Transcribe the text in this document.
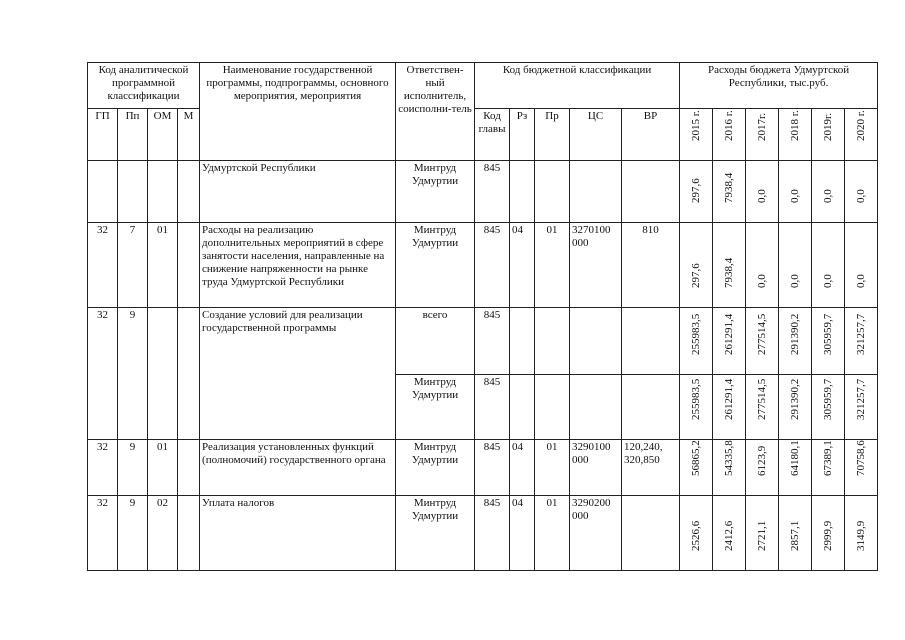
Код аналитической программной классификации				Наименование государственной программы, подпрограммы, основного мероприятия, мероприятия	Ответствен-ный исполнитель, соисполни-тель	Код бюджетной классификации					Расходы бюджета Удмуртской Республики, тыс.руб.					
ГП	Пп	ОМ	М			Код главы	Рз	Пр	ЦС	ВР	2015 г.	2016 г.	2017г.	2018 г.	2019г.	2020 г.

				Удмуртской Республики	Минтруд Удмуртии	845					297,6	7938,4	0,0	0,0	0,0	0,0

32	7	01		Расходы на реализацию дополнительных мероприятий в сфере занятости населения, направленные на снижение напряженности на рынке труда Удмуртской Республики	Минтруд Удмуртии	845	04	01	3270100 000	810	297,6	7938,4	0,0	0,0	0,0	0,0

32	9			Создание условий для реализации государственной программы	всего	845					255983,5	261291,4	277514,5	291390,2	305959,7	321257,7

					Минтруд Удмуртии	845					255983,5	261291,4	277514,5	291390,2	305959,7	321257,7

32	9	01		Реализация установленных функций (полномочий) государственного органа	Минтруд Удмуртии	845	04	01	3290100 000	120,240, 320,850	56865,2	54335,8	6123,9	64180,1	67389,1	70758,6

32	9	02		Уплата налогов	Минтруд Удмуртии	845	04	01	3290200 000		2526,6	2412,6	2721,1	2857,1	2999,9	3149,9
